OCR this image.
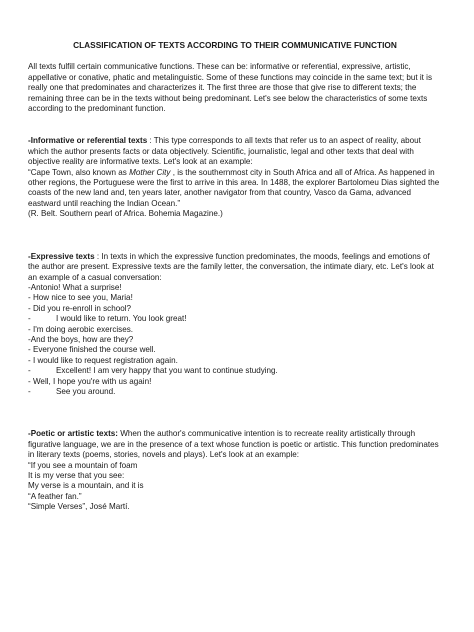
CLASSIFICATION OF TEXTS ACCORDING TO THEIR COMMUNICATIVE FUNCTION

All texts fulfill certain communicative functions. These can be: informative or referential, expressive, artistic, appellative or conative, phatic and metalinguistic. Some of these functions may coincide in the same text; but it is really one that predominates and characterizes it. The first three are those that give rise to different texts; the remaining three can be in the texts without being predominant. Let's see below the characteristics of some texts according to the predominant function.

-Informative or referential texts : This type corresponds to all texts that refer us to an aspect of reality, about which the author presents facts or data objectively. Scientific, journalistic, legal and other texts that deal with objective reality are informative texts. Let's look at an example:

“Cape Town, also known as Mother City , is the southernmost city in South Africa and all of Africa. As happened in other regions, the Portuguese were the first to arrive in this area. In 1488, the explorer Bartolomeu Dias sighted the coasts of the new land and, ten years later, another navigator from that country, Vasco da Gama, advanced eastward until reaching the Indian Ocean.”

(R. Belt. Southern pearl of Africa. Bohemia Magazine.)

-Expressive texts : In texts in which the expressive function predominates, the moods, feelings and emotions of the author are present. Expressive texts are the family letter, the conversation, the intimate diary, etc. Let's look at an example of a casual conversation:

-Antonio! What a surprise!
- How nice to see you, Maria!
- Did you re-enroll in school?
-	I would like to return. You look great!
- I'm doing aerobic exercises.
-And the boys, how are they?
- Everyone finished the course well.
- I would like to request registration again.
-	Excellent! I am very happy that you want to continue studying.
- Well, I hope you're with us again!
-	See you around.

-Poetic or artistic texts: When the author's communicative intention is to recreate reality artistically through figurative language, we are in the presence of a text whose function is poetic or artistic. This function predominates in literary texts (poems, stories, novels and plays). Let's look at an example:

“If you see a mountain of foam
It is my verse that you see:
My verse is a mountain, and it is
“A feather fan.”
“Simple Verses”, José Martí.
